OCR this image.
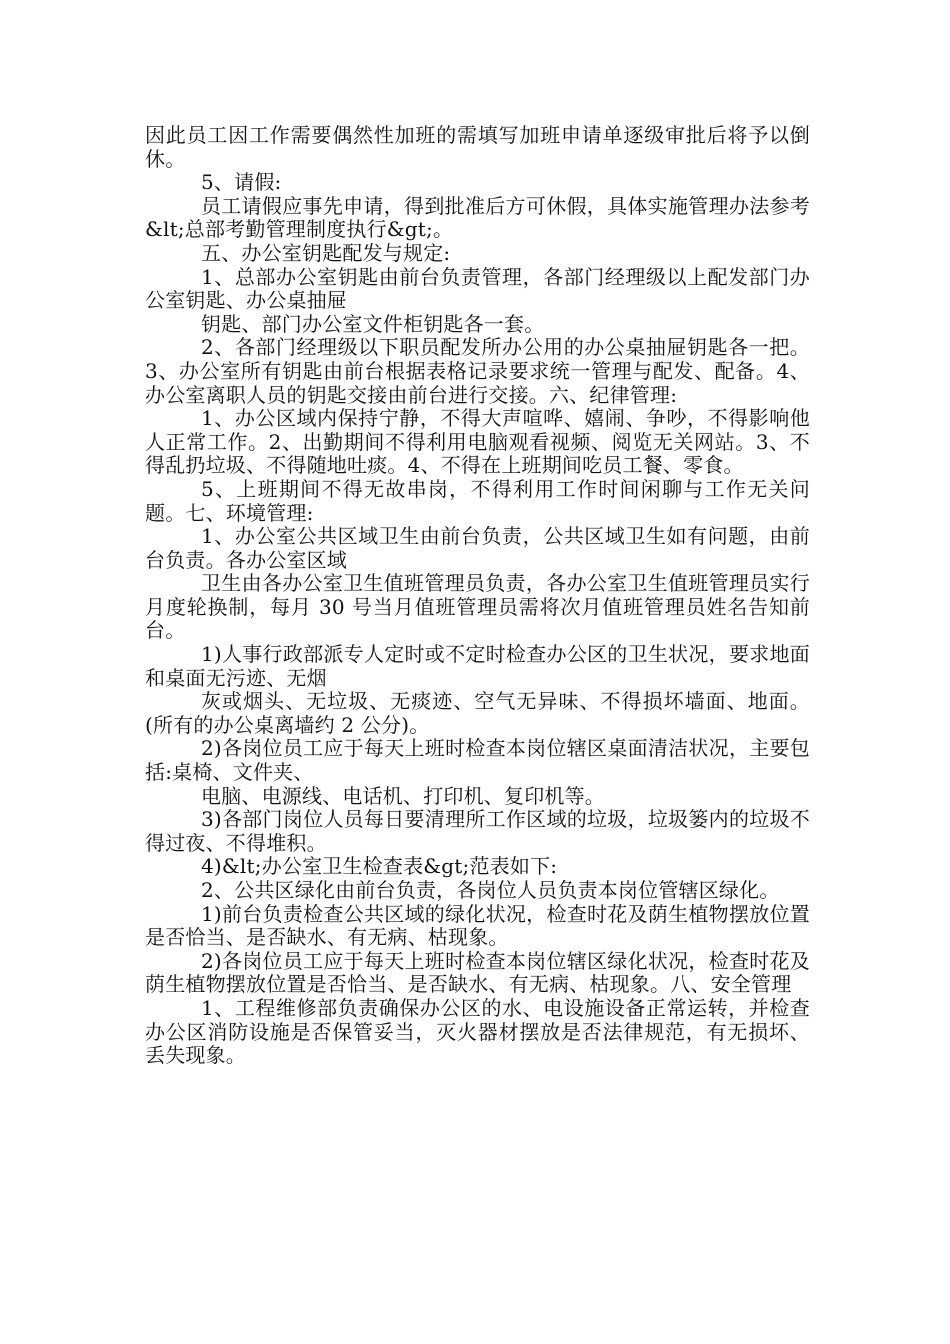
因此员工因工作需要偶然性加班的需填写加班申请单逐级审批后将予以倒休。

5、请假:

员工请假应事先申请，得到批准后方可休假，具体实施管理办法参考&lt;总部考勤管理制度执行&gt;。

五、办公室钥匙配发与规定:

1、总部办公室钥匙由前台负责管理，各部门经理级以上配发部门办公室钥匙、办公桌抽屉

钥匙、部门办公室文件柜钥匙各一套。

2、各部门经理级以下职员配发所办公用的办公桌抽屉钥匙各一把。3、办公室所有钥匙由前台根据表格记录要求统一管理与配发、配备。4、办公室离职人员的钥匙交接由前台进行交接。六、纪律管理:

1、办公区域内保持宁静，不得大声喧哗、嬉闹、争吵，不得影响他人正常工作。2、出勤期间不得利用电脑观看视频、阅览无关网站。3、不得乱扔垃圾、不得随地吐痰。4、不得在上班期间吃员工餐、零食。

5、上班期间不得无故串岗，不得利用工作时间闲聊与工作无关问题。七、环境管理:

1、办公室公共区域卫生由前台负责，公共区域卫生如有问题，由前台负责。各办公室区域

卫生由各办公室卫生值班管理员负责，各办公室卫生值班管理员实行月度轮换制，每月 30 号当月值班管理员需将次月值班管理员姓名告知前台。

1)人事行政部派专人定时或不定时检查办公区的卫生状况，要求地面和桌面无污迹、无烟

灰或烟头、无垃圾、无痰迹、空气无异味、不得损坏墙面、地面。(所有的办公桌离墙约 2 公分)。

2)各岗位员工应于每天上班时检查本岗位辖区桌面清洁状况，主要包括:桌椅、文件夹、

电脑、电源线、电话机、打印机、复印机等。

3)各部门岗位人员每日要清理所工作区域的垃圾，垃圾篓内的垃圾不得过夜、不得堆积。

4)&lt;办公室卫生检查表&gt;范表如下:

2、公共区绿化由前台负责，各岗位人员负责本岗位管辖区绿化。

1)前台负责检查公共区域的绿化状况，检查时花及荫生植物摆放位置是否恰当、是否缺水、有无病、枯现象。

2)各岗位员工应于每天上班时检查本岗位辖区绿化状况，检查时花及荫生植物摆放位置是否恰当、是否缺水、有无病、枯现象。八、安全管理

1、工程维修部负责确保办公区的水、电设施设备正常运转，并检查办公区消防设施是否保管妥当，灭火器材摆放是否法律规范，有无损坏、丢失现象。
